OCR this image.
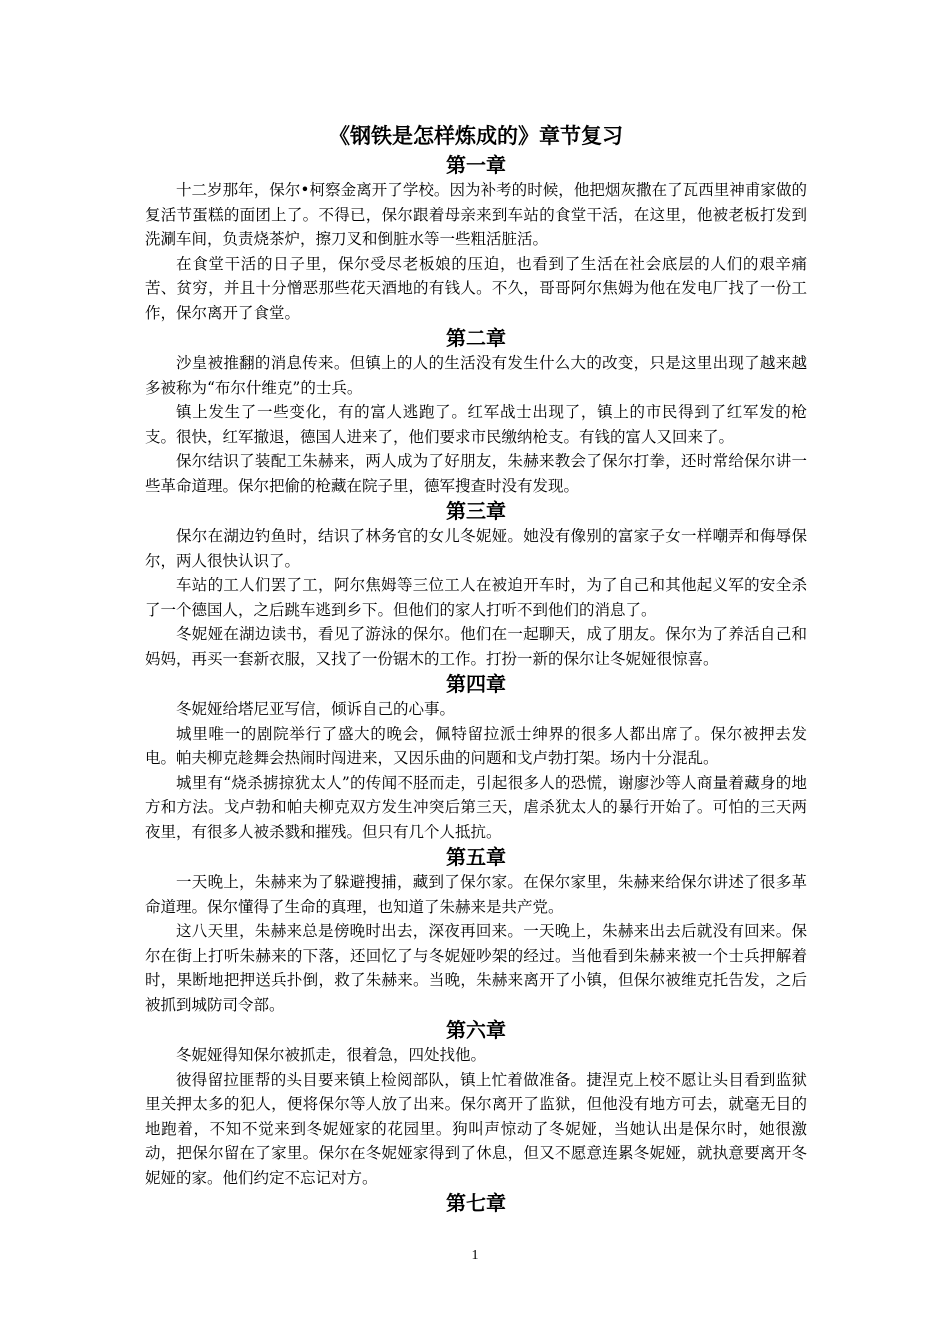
《钢铁是怎样炼成的》章节复习
第一章

十二岁那年，保尔•柯察金离开了学校。因为补考的时候，他把烟灰撒在了瓦西里神甫家做的复活节蛋糕的面团上了。不得已，保尔跟着母亲来到车站的食堂干活，在这里，他被老板打发到洗涮车间，负责烧茶炉，擦刀叉和倒脏水等一些粗活脏活。

在食堂干活的日子里，保尔受尽老板娘的压迫，也看到了生活在社会底层的人们的艰辛痛苦、贫穷，并且十分憎恶那些花天酒地的有钱人。不久，哥哥阿尔焦姆为他在发电厂找了一份工作，保尔离开了食堂。

第二章

沙皇被推翻的消息传来。但镇上的人的生活没有发生什么大的改变，只是这里出现了越来越多被称为“布尔什维克”的士兵。

镇上发生了一些变化，有的富人逃跑了。红军战士出现了，镇上的市民得到了红军发的枪支。很快，红军撤退，德国人进来了，他们要求市民缴纳枪支。有钱的富人又回来了。

保尔结识了装配工朱赫来，两人成为了好朋友，朱赫来教会了保尔打拳，还时常给保尔讲一些革命道理。保尔把偷的枪藏在院子里，德军搜查时没有发现。

第三章

保尔在湖边钓鱼时，结识了林务官的女儿冬妮娅。她没有像别的富家子女一样嘲弄和侮辱保尔，两人很快认识了。

车站的工人们罢了工，阿尔焦姆等三位工人在被迫开车时，为了自己和其他起义军的安全杀了一个德国人，之后跳车逃到乡下。但他们的家人打听不到他们的消息了。

冬妮娅在湖边读书，看见了游泳的保尔。他们在一起聊天，成了朋友。保尔为了养活自己和妈妈，再买一套新衣服，又找了一份锯木的工作。打扮一新的保尔让冬妮娅很惊喜。

第四章

冬妮娅给塔尼亚写信，倾诉自己的心事。

城里唯一的剧院举行了盛大的晚会，佩特留拉派士绅界的很多人都出席了。保尔被押去发电。帕夫柳克趁舞会热闹时闯进来，又因乐曲的问题和戈卢勃打架。场内十分混乱。

城里有“烧杀掳掠犹太人”的传闻不胫而走，引起很多人的恐慌，谢廖沙等人商量着藏身的地方和方法。戈卢勃和帕夫柳克双方发生冲突后第三天，虐杀犹太人的暴行开始了。可怕的三天两夜里，有很多人被杀戮和摧残。但只有几个人抵抗。

第五章

一天晚上，朱赫来为了躲避搜捕，藏到了保尔家。在保尔家里，朱赫来给保尔讲述了很多革命道理。保尔懂得了生命的真理，也知道了朱赫来是共产党。

这八天里，朱赫来总是傍晚时出去，深夜再回来。一天晚上，朱赫来出去后就没有回来。保尔在街上打听朱赫来的下落，还回忆了与冬妮娅吵架的经过。当他看到朱赫来被一个士兵押解着时，果断地把押送兵扑倒，救了朱赫来。当晚，朱赫来离开了小镇，但保尔被维克托告发，之后被抓到城防司令部。

第六章

冬妮娅得知保尔被抓走，很着急，四处找他。

彼得留拉匪帮的头目要来镇上检阅部队，镇上忙着做准备。捷涅克上校不愿让头目看到监狱里关押太多的犯人，便将保尔等人放了出来。保尔离开了监狱，但他没有地方可去，就毫无目的地跑着，不知不觉来到冬妮娅家的花园里。狗叫声惊动了冬妮娅，当她认出是保尔时，她很激动，把保尔留在了家里。保尔在冬妮娅家得到了休息，但又不愿意连累冬妮娅，就执意要离开冬妮娅的家。他们约定不忘记对方。

第七章
1
